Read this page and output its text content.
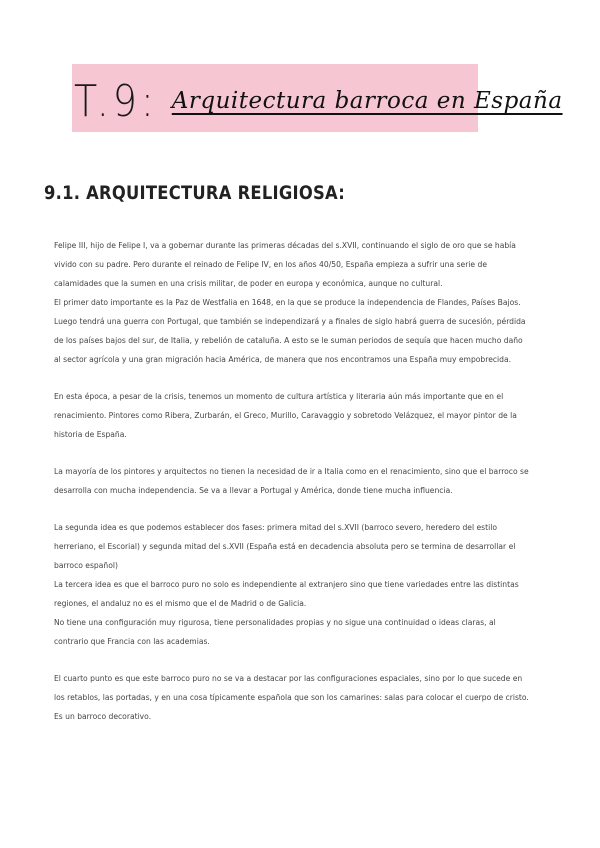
T.9: Arquitectura barroca en España
9.1. ARQUITECTURA RELIGIOSA:

Felipe III, hijo de Felipe I, va a gobernar durante las primeras décadas del s.XVII, continuando el siglo de oro que se había vivido con su padre. Pero durante el reinado de Felipe IV, en los años 40/50, España empieza a sufrir una serie de calamidades que la sumen en una crisis militar, de poder en europa y económica, aunque no cultural.

El primer dato importante es la Paz de Westfalia en 1648, en la que se produce la independencia de Flandes, Países Bajos. Luego tendrá una guerra con Portugal, que también se independizará y a finales de siglo habrá guerra de sucesión, pérdida de los países bajos del sur, de Italia, y rebelión de cataluña. A esto se le suman periodos de sequía que hacen mucho daño al sector agrícola y una gran migración hacia América, de manera que nos encontramos una España muy empobrecida.

En esta época, a pesar de la crisis, tenemos un momento de cultura artística y literaria aún más importante que en el renacimiento. Pintores como Ribera, Zurbarán, el Greco, Murillo, Caravaggio y sobretodo Velázquez, el mayor pintor de la historia de España.

La mayoría de los pintores y arquitectos no tienen la necesidad de ir a Italia como en el renacimiento, sino que el barroco se desarrolla con mucha independencia. Se va a llevar a Portugal y América, donde tiene mucha influencia.

La segunda idea es que podemos establecer dos fases: primera mitad del s.XVII (barroco severo, heredero del estilo herreriano, el Escorial) y segunda mitad del s.XVII (España está en decadencia absoluta pero se termina de desarrollar el barroco español)

La tercera idea es que el barroco puro no solo es independiente al extranjero sino que tiene variedades entre las distintas regiones, el andaluz no es el mismo que el de Madrid o de Galicia.

No tiene una configuración muy rigurosa, tiene personalidades propias y no sigue una continuidad o ideas claras, al contrario que Francia con las academias.

El cuarto punto es que este barroco puro no se va a destacar por las configuraciones espaciales, sino por lo que sucede en los retablos, las portadas, y en una cosa típicamente española que son los camarines: salas para colocar el cuerpo de cristo. Es un barroco decorativo.
